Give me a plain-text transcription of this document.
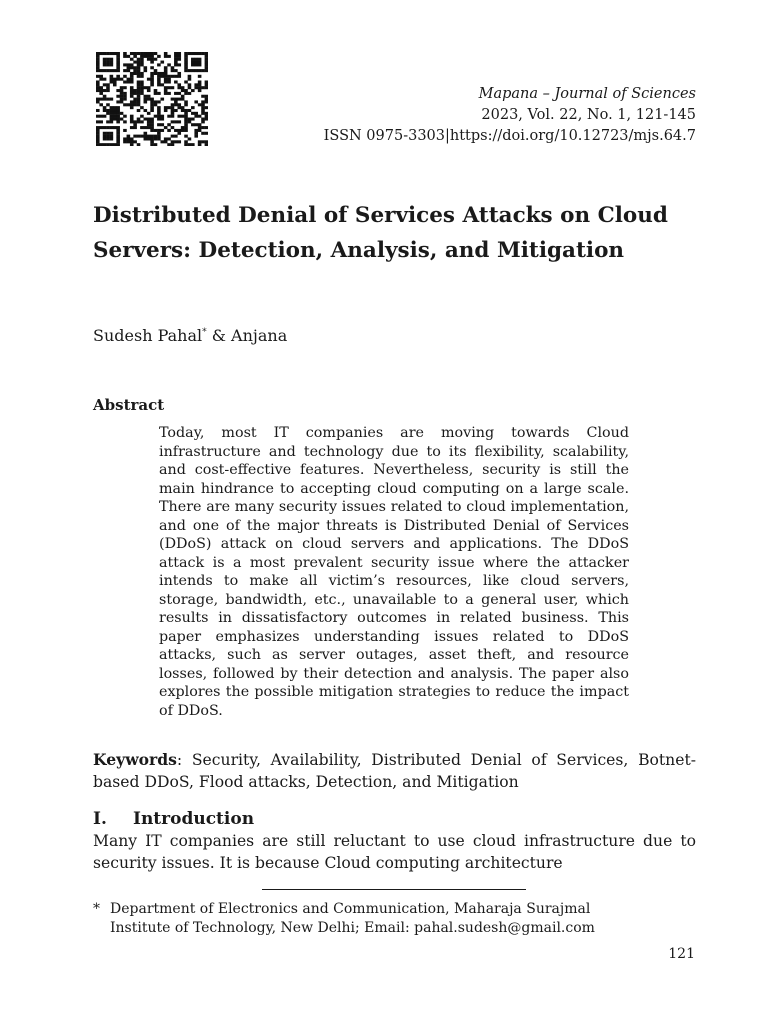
Mapana – Journal of Sciences
2023, Vol. 22, No. 1, 121-145
ISSN 0975-3303|https://doi.org/10.12723/mjs.64.7
Distributed Denial of Services Attacks on Cloud Servers: Detection, Analysis, and Mitigation
Sudesh Pahal* & Anjana
Abstract

Today, most IT companies are moving towards Cloud infrastructure and technology due to its flexibility, scalability, and cost-effective features. Nevertheless, security is still the main hindrance to accepting cloud computing on a large scale. There are many security issues related to cloud implementation, and one of the major threats is Distributed Denial of Services (DDoS) attack on cloud servers and applications. The DDoS attack is a most prevalent security issue where the attacker intends to make all victim’s resources, like cloud servers, storage, bandwidth, etc., unavailable to a general user, which results in dissatisfactory outcomes in related business. This paper emphasizes understanding issues related to DDoS attacks, such as server outages, asset theft, and resource losses, followed by their detection and analysis. The paper also explores the possible mitigation strategies to reduce the impact of DDoS.

Keywords: Security, Availability, Distributed Denial of Services, Botnet-based DDoS, Flood attacks, Detection, and Mitigation

I. Introduction

Many IT companies are still reluctant to use cloud infrastructure due to security issues. It is because Cloud computing architecture

* Department of Electronics and Communication, Maharaja Surajmal
Institute of Technology, New Delhi; Email: pahal.sudesh@gmail.com

121
